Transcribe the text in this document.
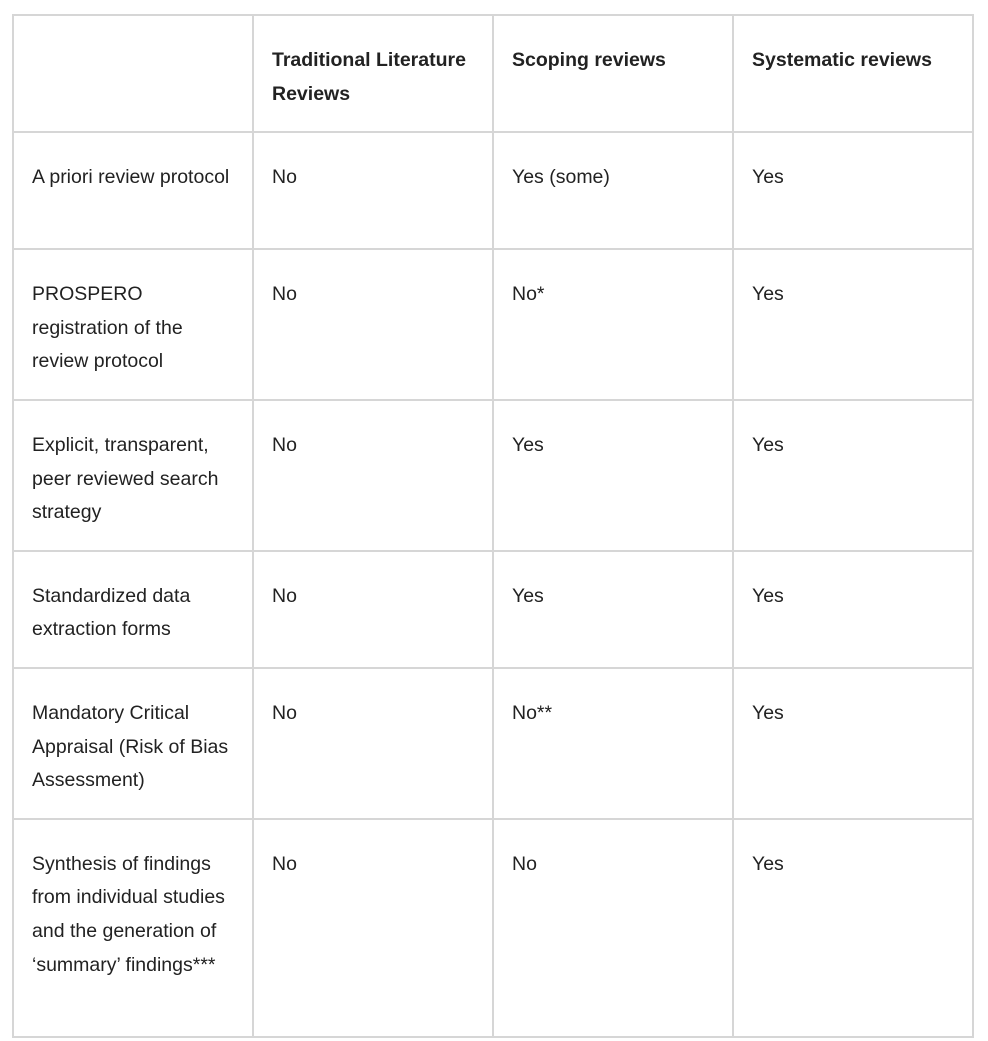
	Traditional Literature Reviews	Scoping reviews	Systematic reviews
A priori review protocol	No	Yes (some)	Yes
PROSPERO registration of the review protocol	No	No*	Yes
Explicit, transparent, peer reviewed search strategy	No	Yes	Yes
Standardized data extraction forms	No	Yes	Yes
Mandatory Critical Appraisal (Risk of Bias Assessment)	No	No**	Yes
Synthesis of findings from individual studies and the generation of ‘summary’ findings***	No	No	Yes
